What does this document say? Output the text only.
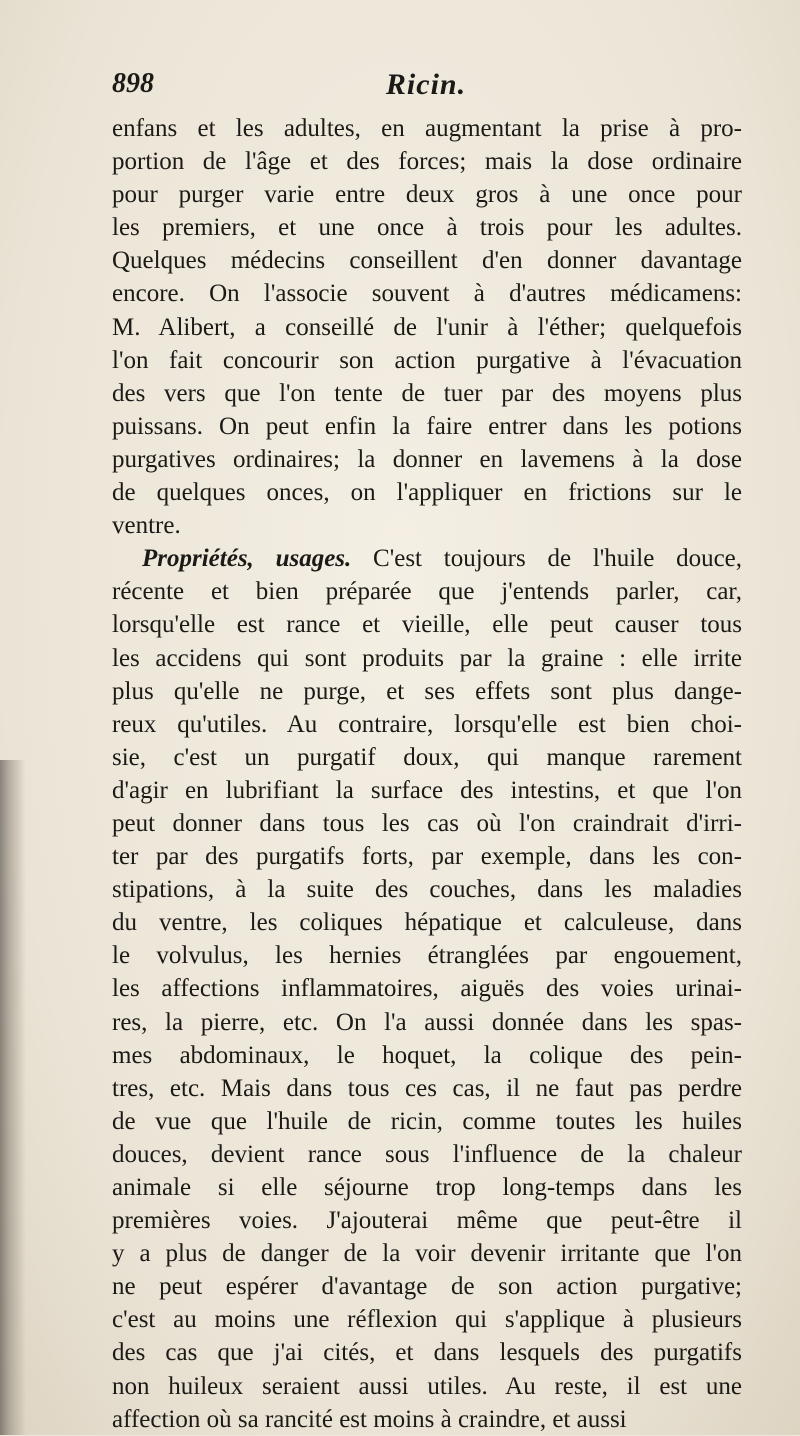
898	Ricin.
enfans et les adultes, en augmentant la prise à pro-
portion de l'âge et des forces; mais la dose ordinaire
pour purger varie entre deux gros à une once pour
les premiers, et une once à trois pour les adultes.
Quelques médecins conseillent d'en donner davantage
encore. On l'associe souvent à d'autres médicamens:
M. Alibert, a conseillé de l'unir à l'éther; quelquefois
l'on fait concourir son action purgative à l'évacuation
des vers que l'on tente de tuer par des moyens plus
puissans. On peut enfin la faire entrer dans les potions
purgatives ordinaires; la donner en lavemens à la dose
de quelques onces, on l'appliquer en frictions sur le
ventre.
Propriétés, usages. C'est toujours de l'huile douce,
récente et bien préparée que j'entends parler, car,
lorsqu'elle est rance et vieille, elle peut causer tous
les accidens qui sont produits par la graine : elle irrite
plus qu'elle ne purge, et ses effets sont plus dange-
reux qu'utiles. Au contraire, lorsqu'elle est bien choi-
sie, c'est un purgatif doux, qui manque rarement
d'agir en lubrifiant la surface des intestins, et que l'on
peut donner dans tous les cas où l'on craindrait d'irri-
ter par des purgatifs forts, par exemple, dans les con-
stipations, à la suite des couches, dans les maladies
du ventre, les coliques hépatique et calculeuse, dans
le volvulus, les hernies étranglées par engouement,
les affections inflammatoires, aiguës des voies urinai-
res, la pierre, etc. On l'a aussi donnée dans les spas-
mes abdominaux, le hoquet, la colique des pein-
tres, etc. Mais dans tous ces cas, il ne faut pas perdre
de vue que l'huile de ricin, comme toutes les huiles
douces, devient rance sous l'influence de la chaleur
animale si elle séjourne trop long-temps dans les
premières voies. J'ajouterai même que peut-être il
y a plus de danger de la voir devenir irritante que l'on
ne peut espérer d'avantage de son action purgative;
c'est au moins une réflexion qui s'applique à plusieurs
des cas que j'ai cités, et dans lesquels des purgatifs
non huileux seraient aussi utiles. Au reste, il est une
affection où sa rancité est moins à craindre, et aussi
